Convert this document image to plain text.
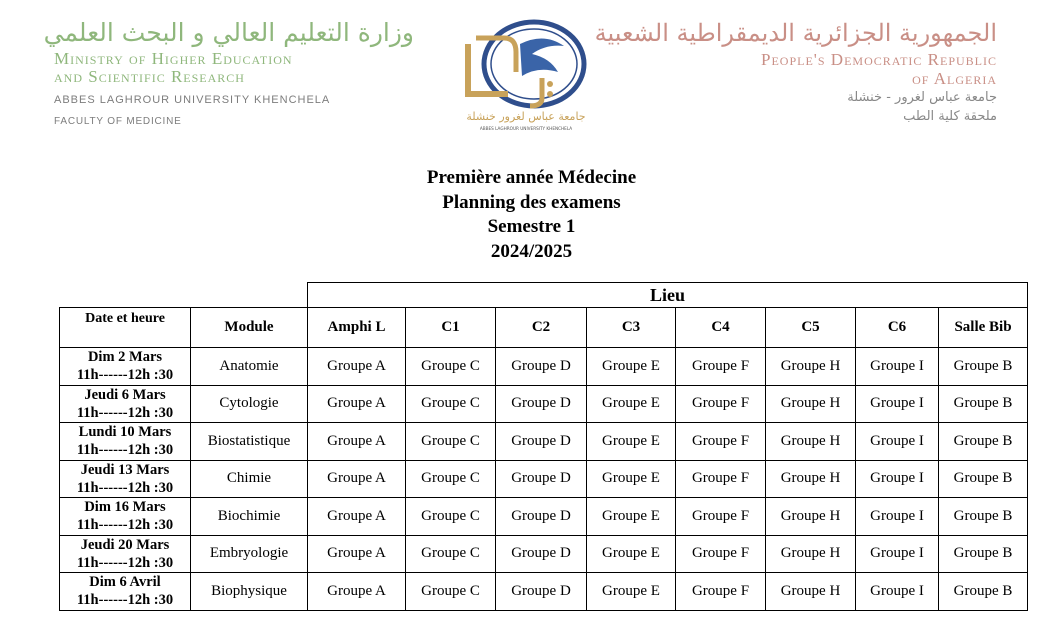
وزارة التعليم العالي و البحث العلمي
Ministry of Higher Education
and Scientific Research
ABBES LAGHROUR UNIVERSITY KHENCHELA
FACULTY OF MEDICINE	جامعة عباس لغرور خنشلة
ABBES LAGHROUR UNIVERSITY KHENCHELA
الجمهورية الجزائرية الديمقراطية الشعبية
People's Democratic Republic
of Algeria
جامعة عباس لغرور - خنشلة
ملحقة كلية الطب
Première année Médecine
Planning des examens
Semestre 1
2024/2025
		Lieu							
Date et heure	Module	Amphi L	C1	C2	C3	C4	C5	C6	Salle Bib

Dim 2 Mars
11h------12h :30	Anatomie	Groupe A	Groupe C	Groupe D	Groupe E	Groupe F	Groupe H	Groupe I	Groupe B

Jeudi 6 Mars
11h------12h :30	Cytologie	Groupe A	Groupe C	Groupe D	Groupe E	Groupe F	Groupe H	Groupe I	Groupe B

Lundi 10 Mars
11h------12h :30	Biostatistique	Groupe A	Groupe C	Groupe D	Groupe E	Groupe F	Groupe H	Groupe I	Groupe B

Jeudi 13 Mars
11h------12h :30	Chimie	Groupe A	Groupe C	Groupe D	Groupe E	Groupe F	Groupe H	Groupe I	Groupe B

Dim 16 Mars
11h------12h :30	Biochimie	Groupe A	Groupe C	Groupe D	Groupe E	Groupe F	Groupe H	Groupe I	Groupe B

Jeudi 20 Mars
11h------12h :30	Embryologie	Groupe A	Groupe C	Groupe D	Groupe E	Groupe F	Groupe H	Groupe I	Groupe B

Dim 6 Avril
11h------12h :30	Biophysique	Groupe A	Groupe C	Groupe D	Groupe E	Groupe F	Groupe H	Groupe I	Groupe B
